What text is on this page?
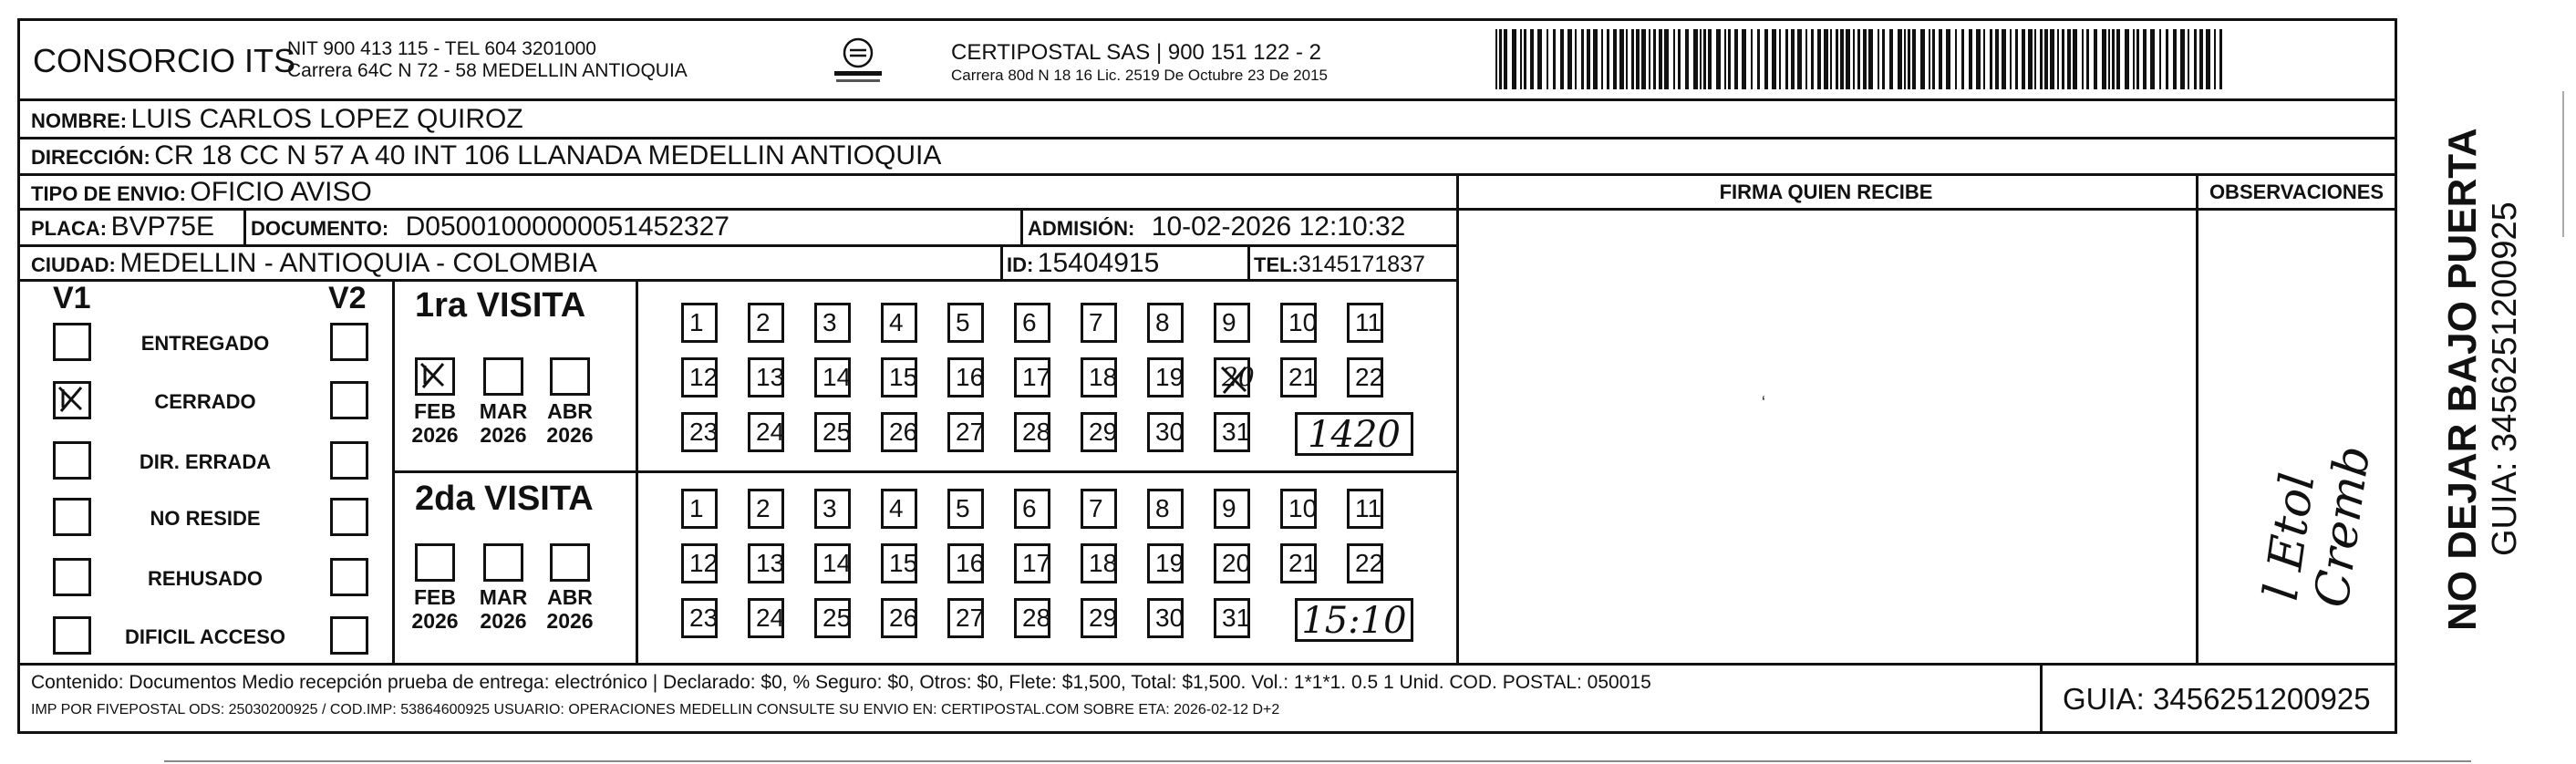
CONSORCIO ITS
NIT 900 413 115 - TEL 604 3201000
Carrera 64C N 72 - 58 MEDELLIN ANTIOQUIA
CERTIPOSTAL SAS | 900 151 122 - 2
Carrera 80d N 18 16 Lic. 2519 De Octubre 23 De 2015
NOMBRE: LUIS CARLOS LOPEZ QUIROZ
DIRECCIÓN: CR 18 CC N 57 A 40 INT 106 LLANADA MEDELLIN ANTIOQUIA
TIPO DE ENVIO: OFICIO AVISO
PLACA: BVP75E DOCUMENTO: D05001000000051452327	ADMISIÓN: 10-02-2026 12:10:32
CIUDAD: MEDELLIN - ANTIOQUIA - COLOMBIA	ID: 15404915	TEL:3145171837
FIRMA QUIEN RECIBE	OBSERVACIONES
ʻ
l Etol
Cremb
V1	V2
ENTREGADO
CERRADO
DIR. ERRADA
NO RESIDE
REHUSADO
DIFICIL ACCESO
1ra VISITA
FEB
2026
MAR
2026
ABR
2026
1	2	3	4	5	6	7	8	9	10	11
12	13	14	15	16	17	18	19	20	21	22
23	24	25	26	27	28	29	30	31	1420
2da VISITA
FEB
2026
MAR
2026
ABR
2026
1	2	3	4	5	6	7	8	9	10	11
12	13	14	15	16	17	18	19	20	21	22
23	24	25	26	27	28	29	30	31 15:10
Contenido: Documentos Medio recepción prueba de entrega: electrónico | Declarado: $0, % Seguro: $0, Otros: $0, Flete: $1,500, Total: $1,500. Vol.: 1*1*1. 0.5 1 Unid. COD. POSTAL: 050015
IMP POR FIVEPOSTAL ODS: 25030200925 / COD.IMP: 53864600925 USUARIO: OPERACIONES MEDELLIN CONSULTE SU ENVIO EN: CERTIPOSTAL.COM SOBRE ETA: 2026-02-12 D+2	GUIA: 3456251200925
NO DEJAR BAJO PUERTA GUIA: 3456251200925
